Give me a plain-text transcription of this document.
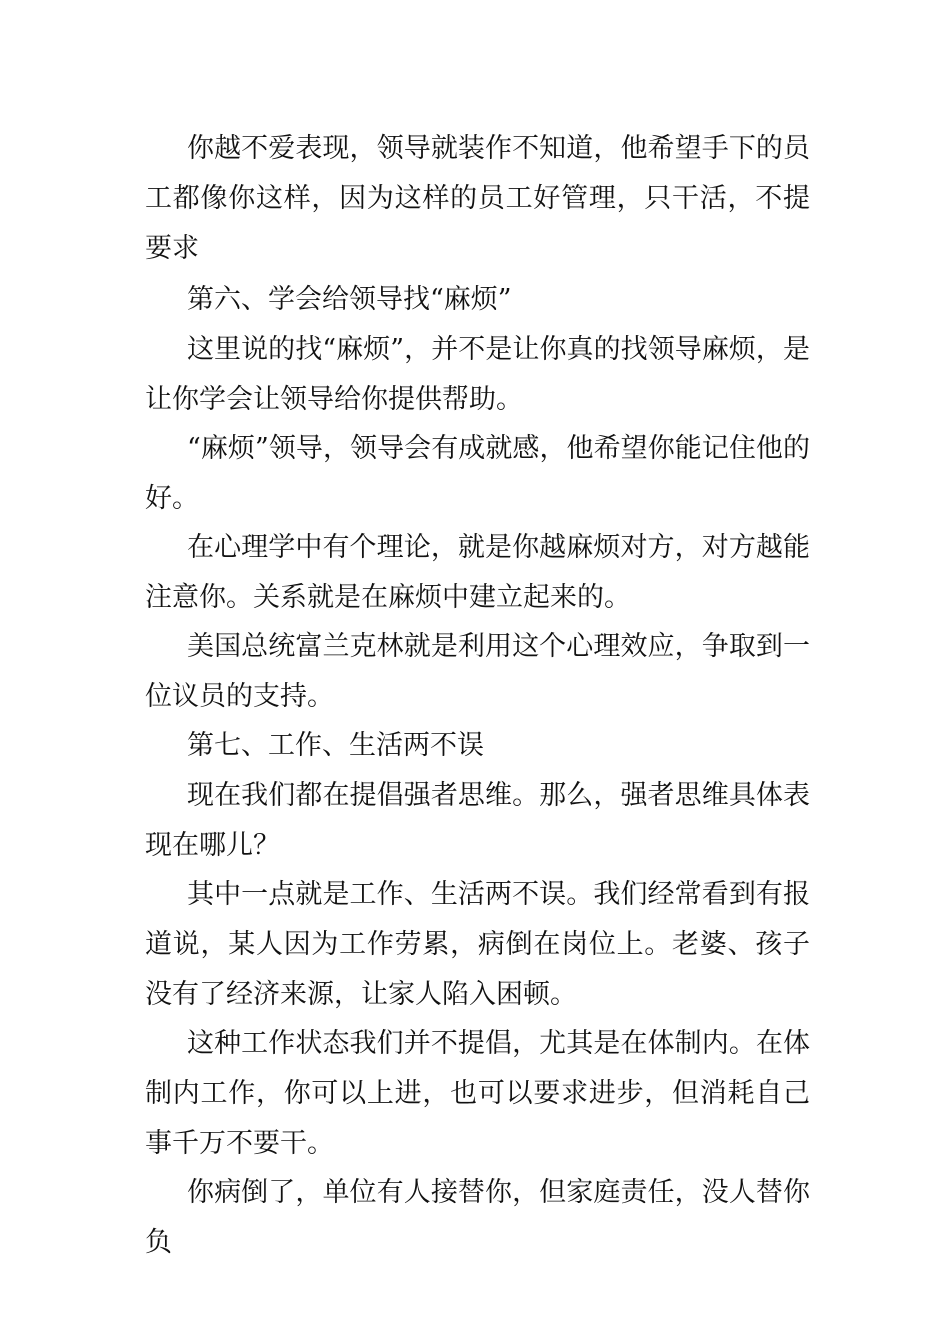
你越不爱表现，领导就装作不知道，他希望手下的员工都像你这样，因为这样的员工好管理，只干活，不提要求

第六、学会给领导找“麻烦”

这里说的找“麻烦”，并不是让你真的找领导麻烦，是让你学会让领导给你提供帮助。

“麻烦”领导，领导会有成就感，他希望你能记住他的好。

在心理学中有个理论，就是你越麻烦对方，对方越能注意你。关系就是在麻烦中建立起来的。

美国总统富兰克林就是利用这个心理效应，争取到一位议员的支持。

第七、工作、生活两不误

现在我们都在提倡强者思维。那么，强者思维具体表现在哪儿？

其中一点就是工作、生活两不误。我们经常看到有报道说，某人因为工作劳累，病倒在岗位上。老婆、孩子没有了经济来源，让家人陷入困顿。

这种工作状态我们并不提倡，尤其是在体制内。在体制内工作，你可以上进，也可以要求进步，但消耗自己事千万不要干。

你病倒了，单位有人接替你，但家庭责任，没人替你负
